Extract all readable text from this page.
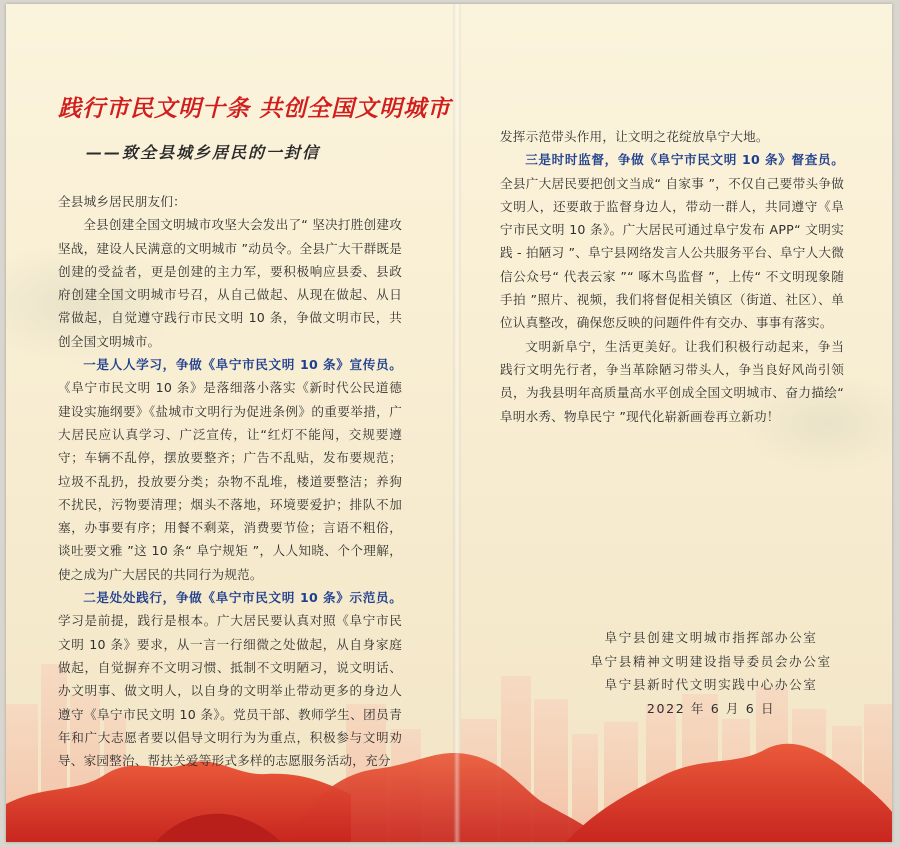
践行市民文明十条 共创全国文明城市
——致全县城乡居民的一封信

全县城乡居民朋友们：

全县创建全国文明城市攻坚大会发出了“ 坚决打胜创建攻坚战，建设人民满意的文明城市 ”动员令。全县广大干群既是创建的受益者，更是创建的主力军，要积极响应县委、县政府创建全国文明城市号召，从自己做起、从现在做起、从日常做起，自觉遵守践行市民文明 10 条，争做文明市民，共创全国文明城市。

一是人人学习，争做《阜宁市民文明 10 条》宣传员。《阜宁市民文明 10 条》是落细落小落实《新时代公民道德建设实施纲要》《盐城市文明行为促进条例》的重要举措，广大居民应认真学习、广泛宣传，让“红灯不能闯，交规要遵守；车辆不乱停，摆放要整齐；广告不乱贴，发布要规范；垃圾不乱扔，投放要分类；杂物不乱堆，楼道要整洁；养狗不扰民，污物要清理；烟头不落地，环境要爱护；排队不加塞，办事要有序；用餐不剩菜，消费要节俭；言语不粗俗，谈吐要文雅 ”这 10 条“ 阜宁规矩 ”，人人知晓、个个理解，使之成为广大居民的共同行为规范。

二是处处践行，争做《阜宁市民文明 10 条》示范员。学习是前提，践行是根本。广大居民要认真对照《阜宁市民文明 10 条》要求，从一言一行细微之处做起，从自身家庭做起，自觉摒弃不文明习惯、抵制不文明陋习，说文明话、办文明事、做文明人，以自身的文明举止带动更多的身边人遵守《阜宁市民文明 10 条》。党员干部、教师学生、团员青年和广大志愿者要以倡导文明行为为重点，积极参与文明劝导、家园整治、帮扶关爱等形式多样的志愿服务活动，充分

发挥示范带头作用，让文明之花绽放阜宁大地。

三是时时监督，争做《阜宁市民文明 10 条》督查员。全县广大居民要把创文当成“ 自家事 ”，不仅自己要带头争做文明人，还要敢于监督身边人，带动一群人，共同遵守《阜宁市民文明 10 条》。广大居民可通过阜宁发布 APP“ 文明实践 - 拍陋习 ”、阜宁县网络发言人公共服务平台、阜宁人大微信公众号“ 代表云家 ”“ 啄木鸟监督 ”，上传“ 不文明现象随手拍 ”照片、视频，我们将督促相关镇区（街道、社区）、单位认真整改，确保您反映的问题件件有交办、事事有落实。

文明新阜宁，生活更美好。让我们积极行动起来，争当践行文明先行者，争当革除陋习带头人，争当良好风尚引领员，为我县明年高质量高水平创成全国文明城市、奋力描绘“ 阜明水秀、物阜民宁 ”现代化崭新画卷再立新功！

阜宁县创建文明城市指挥部办公室
阜宁县精神文明建设指导委员会办公室
阜宁县新时代文明实践中心办公室
2022 年 6 月 6 日
